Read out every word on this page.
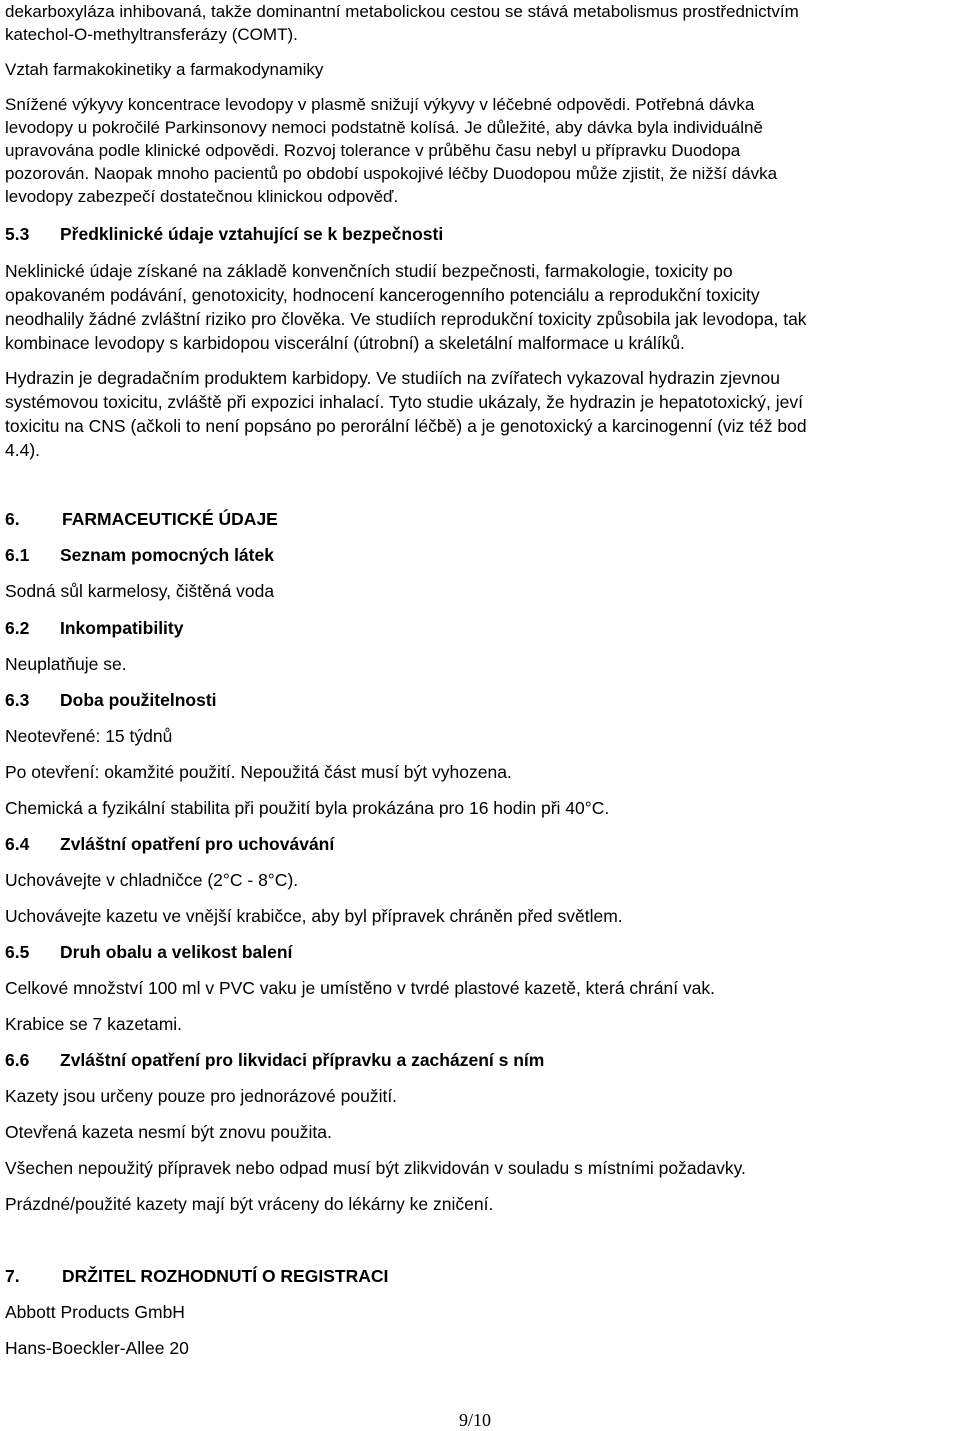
dekarboxyláza inhibovaná, takže dominantní metabolickou cestou se stává metabolismus prostřednictvím
katechol-O-methyltransferázy (COMT).
Vztah farmakokinetiky a farmakodynamiky
Snížené výkyvy koncentrace levodopy v plasmě snižují výkyvy v léčebné odpovědi. Potřebná dávka
levodopy u pokročilé Parkinsonovy nemoci podstatně kolísá. Je důležité, aby dávka byla individuálně
upravována podle klinické odpovědi. Rozvoj tolerance v průběhu času nebyl u přípravku Duodopa
pozorován. Naopak mnoho pacientů po období uspokojivé léčby Duodopou může zjistit, že nižší dávka
levodopy zabezpečí dostatečnou klinickou odpověď.
5.3 Předklinické údaje vztahující se k bezpečnosti
Neklinické údaje získané na základě konvenčních studií bezpečnosti, farmakologie, toxicity po
opakovaném podávání, genotoxicity, hodnocení kancerogenního potenciálu a reprodukční toxicity
neodhalily žádné zvláštní riziko pro člověka. Ve studiích reprodukční toxicity způsobila jak levodopa, tak
kombinace levodopy s karbidopou viscerální (útrobní) a skeletální malformace u králíků.
Hydrazin je degradačním produktem karbidopy. Ve studiích na zvířatech vykazoval hydrazin zjevnou
systémovou toxicitu, zvláště při expozici inhalací. Tyto studie ukázaly, že hydrazin je hepatotoxický, jeví
toxicitu na CNS (ačkoli to není popsáno po perorální léčbě) a je genotoxický a karcinogenní (viz též bod
4.4).
6. FARMACEUTICKÉ ÚDAJE
6.1 Seznam pomocných látek
Sodná sůl karmelosy, čištěná voda
6.2 Inkompatibility
Neuplatňuje se.
6.3 Doba použitelnosti
Neotevřené: 15 týdnů
Po otevření: okamžité použití. Nepoužitá část musí být vyhozena.
Chemická a fyzikální stabilita při použití byla prokázána pro 16 hodin při 40°C.
6.4 Zvláštní opatření pro uchovávání
Uchovávejte v chladničce (2°C - 8°C).
Uchovávejte kazetu ve vnější krabičce, aby byl přípravek chráněn před světlem.
6.5 Druh obalu a velikost balení
Celkové množství 100 ml v PVC vaku je umístěno v tvrdé plastové kazetě, která chrání vak.
Krabice se 7 kazetami.
6.6 Zvláštní opatření pro likvidaci přípravku a zacházení s ním
Kazety jsou určeny pouze pro jednorázové použití.
Otevřená kazeta nesmí být znovu použita.
Všechen nepoužitý přípravek nebo odpad musí být zlikvidován v souladu s místními požadavky.
Prázdné/použité kazety mají být vráceny do lékárny ke zničení.
7. DRŽITEL ROZHODNUTÍ O REGISTRACI
Abbott Products GmbH
Hans-Boeckler-Allee 20
9/10
